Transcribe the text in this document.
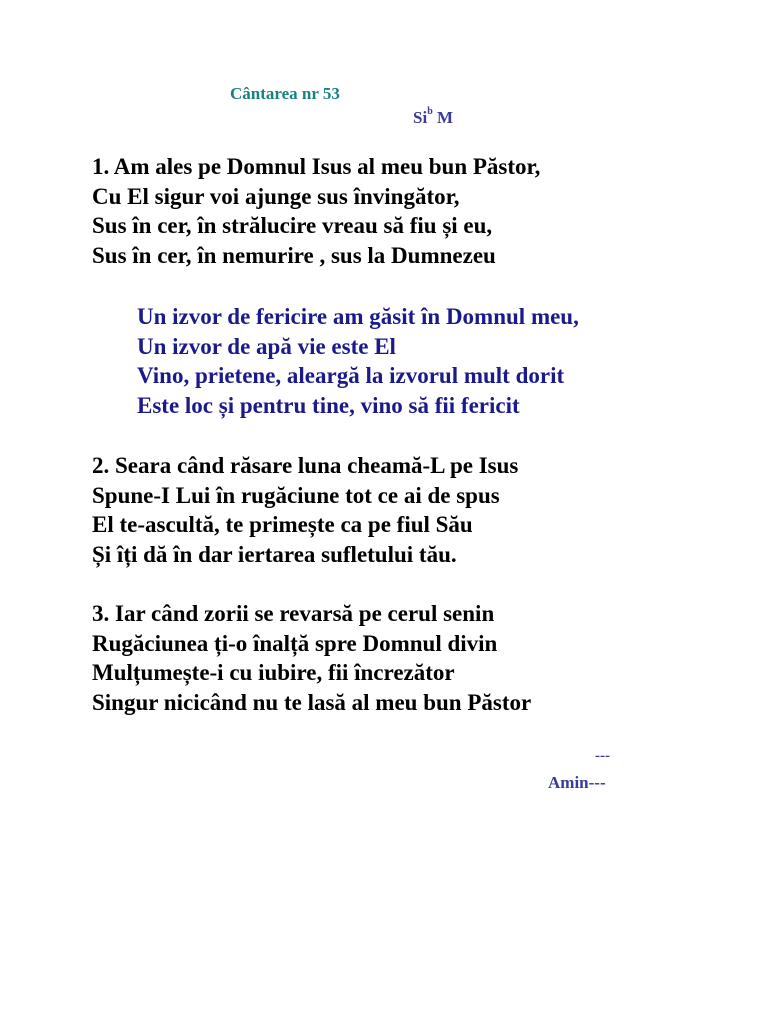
Cântarea nr 53
Si$^b$ M
1. Am ales pe Domnul Isus al meu bun Păstor,
Cu El sigur voi ajunge sus învingător,
Sus în cer, în strălucire vreau să fiu și eu,
Sus în cer, în nemurire , sus la Dumnezeu
Un izvor de fericire am găsit în Domnul meu,
Un izvor de apă vie este El
Vino, prietene, aleargă la izvorul mult dorit
Este loc și pentru tine, vino să fii fericit
2. Seara când răsare luna cheamă-L pe Isus
Spune-I Lui în rugăciune tot ce ai de spus
El te-ascultă, te primește ca pe fiul Său
Și îți dă în dar iertarea sufletului tău.
3. Iar când zorii se revarsă pe cerul senin
Rugăciunea ți-o înalță spre Domnul divin
Mulțumește-i cu iubire, fii încrezător
Singur nicicând nu te lasă al meu bun Păstor
---
Amin---
